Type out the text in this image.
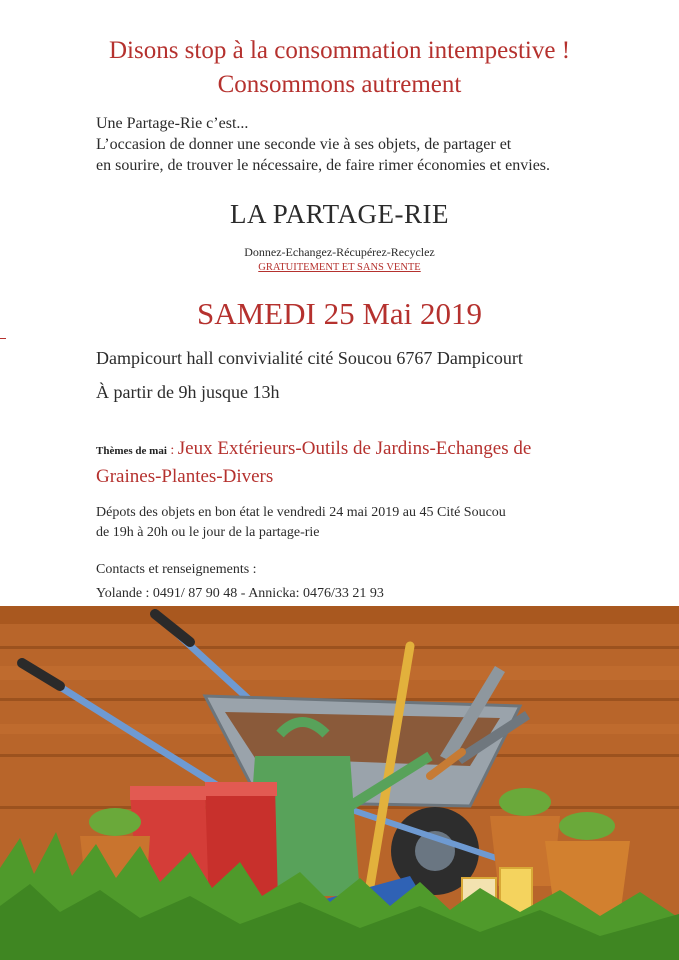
Disons stop à la consommation intempestive !
Consommons autrement
Une Partage-Rie c’est...
L’occasion de donner une seconde vie à ses objets, de partager et
en sourire, de trouver le nécessaire, de faire rimer économies et envies.
LA PARTAGE-RIE
Donnez-Echangez-Récupérez-Recyclez
GRATUITEMENT ET SANS VENTE
SAMEDI 25 Mai 2019
Dampicourt hall convivialité cité Soucou 6767 Dampicourt
À partir de 9h jusque 13h
Thèmes de mai : Jeux Extérieurs-Outils de Jardins-Echanges de
Graines-Plantes-Divers
Dépots des objets en bon état le vendredi 24 mai 2019 au 45 Cité Soucou
de 19h à 20h ou le jour de la partage-rie
Contacts et renseignements :
Yolande : 0491/ 87 90 48 - Annicka: 0476/33 21 93
